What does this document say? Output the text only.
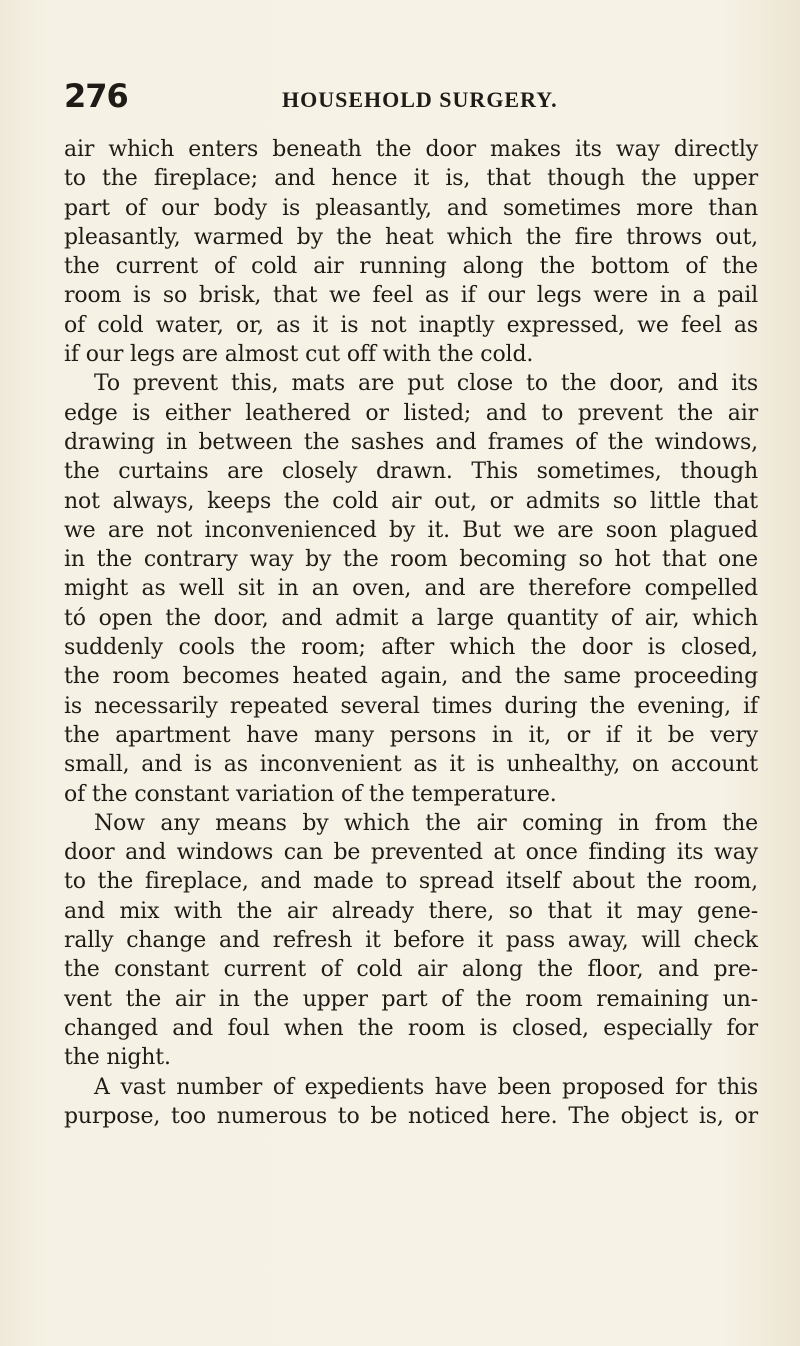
276	HOUSEHOLD SURGERY.
air which enters beneath the door makes its way directly
to the fireplace; and hence it is, that though the upper
part of our body is pleasantly, and sometimes more than
pleasantly, warmed by the heat which the fire throws out,
the current of cold air running along the bottom of the
room is so brisk, that we feel as if our legs were in a pail
of cold water, or, as it is not inaptly expressed, we feel as
if our legs are almost cut off with the cold.
To prevent this, mats are put close to the door, and its
edge is either leathered or listed; and to prevent the air
drawing in between the sashes and frames of the windows,
the curtains are closely drawn. This sometimes, though
not always, keeps the cold air out, or admits so little that
we are not inconvenienced by it. But we are soon plagued
in the contrary way by the room becoming so hot that one
might as well sit in an oven, and are therefore compelled
tó open the door, and admit a large quantity of air, which
suddenly cools the room; after which the door is closed,
the room becomes heated again, and the same proceeding
is necessarily repeated several times during the evening, if
the apartment have many persons in it, or if it be very
small, and is as inconvenient as it is unhealthy, on account
of the constant variation of the temperature.
Now any means by which the air coming in from the
door and windows can be prevented at once finding its way
to the fireplace, and made to spread itself about the room,
and mix with the air already there, so that it may gene-
rally change and refresh it before it pass away, will check
the constant current of cold air along the floor, and pre-
vent the air in the upper part of the room remaining un-
changed and foul when the room is closed, especially for
the night.
A vast number of expedients have been proposed for this
purpose, too numerous to be noticed here. The object is, or
